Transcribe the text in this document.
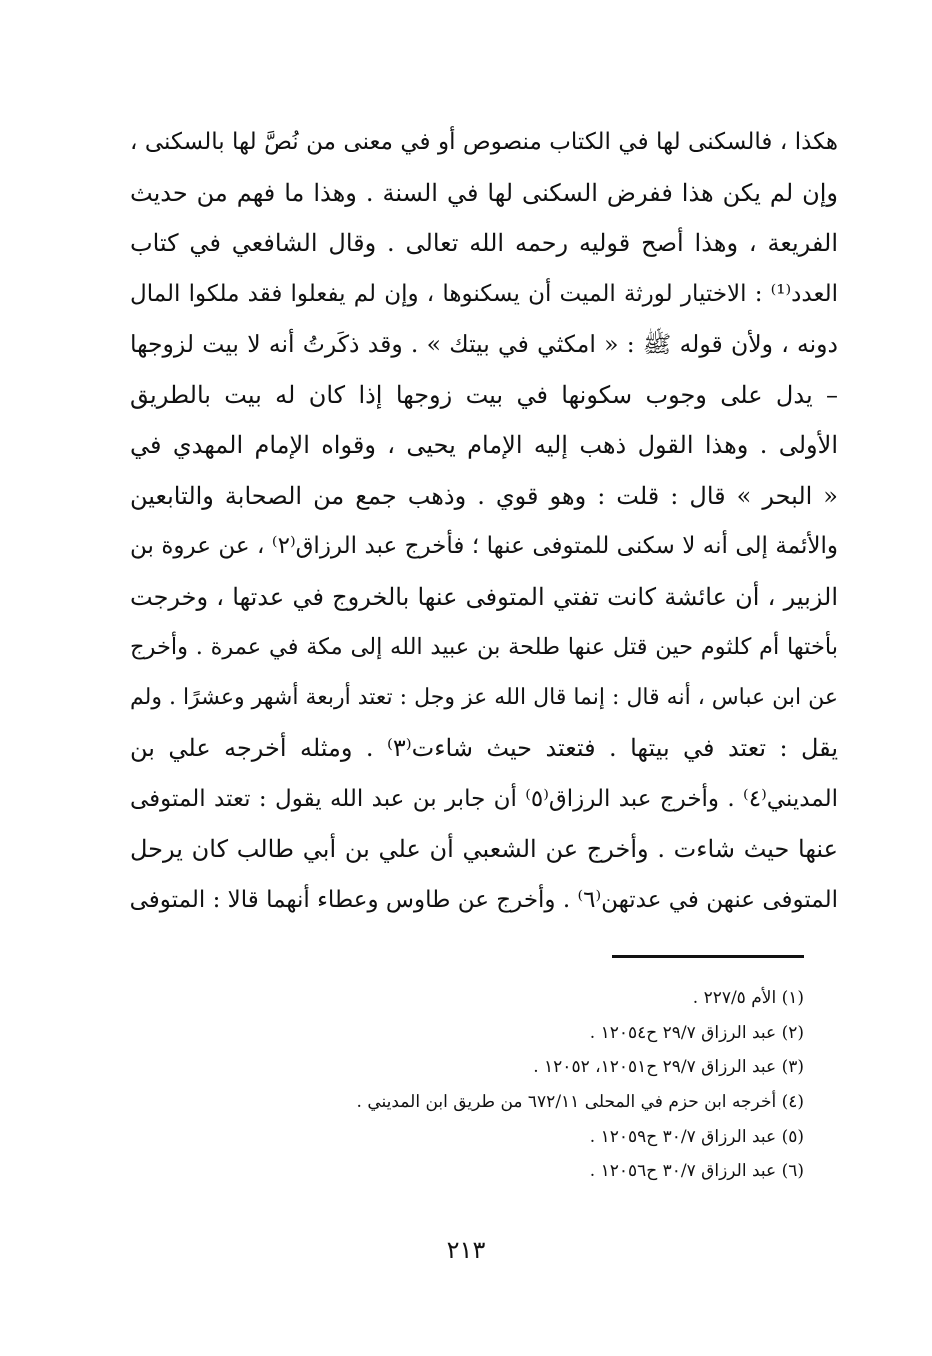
هكذا ، فالسكنى لها في الكتاب منصوص أو في معنى من نُصَّ لها بالسكنى ،
وإن لم يكن هذا ففرض السكنى لها في السنة . وهذا ما فهم من حديث
الفريعة ، وهذا أصح قوليه رحمه الله تعالى . وقال الشافعي في كتاب
العدد⁽¹⁾ : الاختيار لورثة الميت أن يسكنوها ، وإن لم يفعلوا فقد ملكوا المال
دونه ، ولأن قوله ﷺ : « امكثي في بيتك » . وقد ذكَرتُ أنه لا بيت لزوجها
– يدل على وجوب سكونها في بيت زوجها إذا كان له بيت بالطريق
الأولى . وهذا القول ذهب إليه الإمام يحيى ، وقواه الإمام المهدي في
« البحر » قال : قلت : وهو قوي . وذهب جمع من الصحابة والتابعين
والأئمة إلى أنه لا سكنى للمتوفى عنها ؛ فأخرج عبد الرزاق⁽٢⁾ ، عن عروة بن
الزبير ، أن عائشة كانت تفتي المتوفى عنها بالخروج في عدتها ، وخرجت
بأختها أم كلثوم حين قتل عنها طلحة بن عبيد الله إلى مكة في عمرة . وأخرج
عن ابن عباس ، أنه قال : إنما قال الله عز وجل : تعتد أربعة أشهر وعشرًا . ولم
يقل : تعتد في بيتها . فتعتد حيث شاءت⁽٣⁾ . ومثله أخرجه علي بن
المديني⁽٤⁾ . وأخرج عبد الرزاق⁽٥⁾ أن جابر بن عبد الله يقول : تعتد المتوفى
عنها حيث شاءت . وأخرج عن الشعبي أن علي بن أبي طالب كان يرحل
المتوفى عنهن في عدتهن⁽٦⁾ . وأخرج عن طاوس وعطاء أنهما قالا : المتوفى
(١) الأم ٢٢٧/٥ .
(٢) عبد الرزاق ٢٩/٧ ح١٢٠٥٤ .
(٣) عبد الرزاق ٢٩/٧ ح١٢٠٥١، ١٢٠٥٢ .
(٤) أخرجه ابن حزم في المحلى ٦٧٢/١١ من طريق ابن المديني .
(٥) عبد الرزاق ٣٠/٧ ح١٢٠٥٩ .
(٦) عبد الرزاق ٣٠/٧ ح١٢٠٥٦ .
٢١٣
